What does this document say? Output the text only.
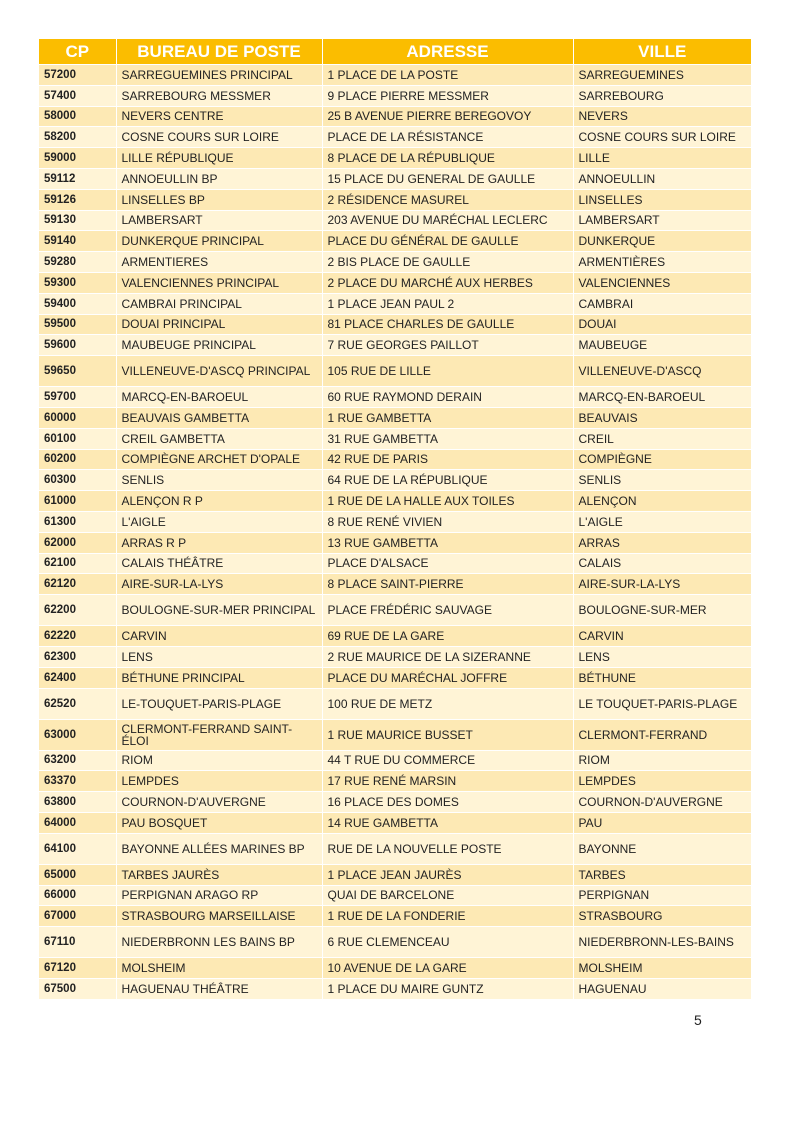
CP	BUREAU DE POSTE	ADRESSE	VILLE
57200	SARREGUEMINES PRINCIPAL	1 PLACE DE LA POSTE	SARREGUEMINES
57400	SARREBOURG MESSMER	9 PLACE PIERRE MESSMER	SARREBOURG
58000	NEVERS CENTRE	25 B AVENUE PIERRE BEREGOVOY	NEVERS
58200	COSNE COURS SUR LOIRE	PLACE DE LA RÉSISTANCE	COSNE COURS SUR LOIRE
59000	LILLE RÉPUBLIQUE	8 PLACE DE LA RÉPUBLIQUE	LILLE
59112	ANNOEULLIN BP	15 PLACE DU GENERAL DE GAULLE	ANNOEULLIN
59126	LINSELLES BP	2 RÉSIDENCE MASUREL	LINSELLES
59130	LAMBERSART	203 AVENUE DU MARÉCHAL LECLERC	LAMBERSART
59140	DUNKERQUE PRINCIPAL	PLACE DU GÉNÉRAL DE GAULLE	DUNKERQUE
59280	ARMENTIERES	2 BIS PLACE DE GAULLE	ARMENTIÈRES
59300	VALENCIENNES PRINCIPAL	2 PLACE DU MARCHÉ AUX HERBES	VALENCIENNES
59400	CAMBRAI PRINCIPAL	1 PLACE JEAN PAUL 2	CAMBRAI
59500	DOUAI PRINCIPAL	81 PLACE CHARLES DE GAULLE	DOUAI
59600	MAUBEUGE PRINCIPAL	7 RUE GEORGES PAILLOT	MAUBEUGE
59650	VILLENEUVE-D'ASCQ PRINCIPAL	105 RUE DE LILLE	VILLENEUVE-D'ASCQ
59700	MARCQ-EN-BAROEUL	60 RUE RAYMOND DERAIN	MARCQ-EN-BAROEUL
60000	BEAUVAIS GAMBETTA	1 RUE GAMBETTA	BEAUVAIS
60100	CREIL GAMBETTA	31 RUE GAMBETTA	CREIL
60200	COMPIÈGNE ARCHET D'OPALE	42 RUE DE PARIS	COMPIÈGNE
60300	SENLIS	64 RUE DE LA RÉPUBLIQUE	SENLIS
61000	ALENÇON R P	1 RUE DE LA HALLE AUX TOILES	ALENÇON
61300	L'AIGLE	8 RUE RENÉ VIVIEN	L'AIGLE
62000	ARRAS R P	13 RUE GAMBETTA	ARRAS
62100	CALAIS THÉÂTRE	PLACE D'ALSACE	CALAIS
62120	AIRE-SUR-LA-LYS	8 PLACE SAINT-PIERRE	AIRE-SUR-LA-LYS
62200	BOULOGNE-SUR-MER PRINCIPAL	PLACE FRÉDÉRIC SAUVAGE	BOULOGNE-SUR-MER
62220	CARVIN	69 RUE DE LA GARE	CARVIN
62300	LENS	2 RUE MAURICE DE LA SIZERANNE	LENS
62400	BÉTHUNE PRINCIPAL	PLACE DU MARÉCHAL JOFFRE	BÉTHUNE
62520	LE-TOUQUET-PARIS-PLAGE	100 RUE DE METZ	LE TOUQUET-PARIS-PLAGE
63000	CLERMONT-FERRAND SAINT-ÉLOI	1 RUE MAURICE BUSSET	CLERMONT-FERRAND
63200	RIOM	44 T RUE DU COMMERCE	RIOM
63370	LEMPDES	17 RUE RENÉ MARSIN	LEMPDES
63800	COURNON-D'AUVERGNE	16 PLACE DES DOMES	COURNON-D'AUVERGNE
64000	PAU BOSQUET	14 RUE GAMBETTA	PAU
64100	BAYONNE ALLÉES MARINES BP	RUE DE LA NOUVELLE POSTE	BAYONNE
65000	TARBES JAURÈS	1 PLACE JEAN JAURÈS	TARBES
66000	PERPIGNAN ARAGO RP	QUAI DE BARCELONE	PERPIGNAN
67000	STRASBOURG MARSEILLAISE	1 RUE DE LA FONDERIE	STRASBOURG
67110	NIEDERBRONN LES BAINS BP	6 RUE CLEMENCEAU	NIEDERBRONN-LES-BAINS
67120	MOLSHEIM	10 AVENUE DE LA GARE	MOLSHEIM
67500	HAGUENAU THÉÂTRE	1 PLACE DU MAIRE GUNTZ	HAGUENAU
5
